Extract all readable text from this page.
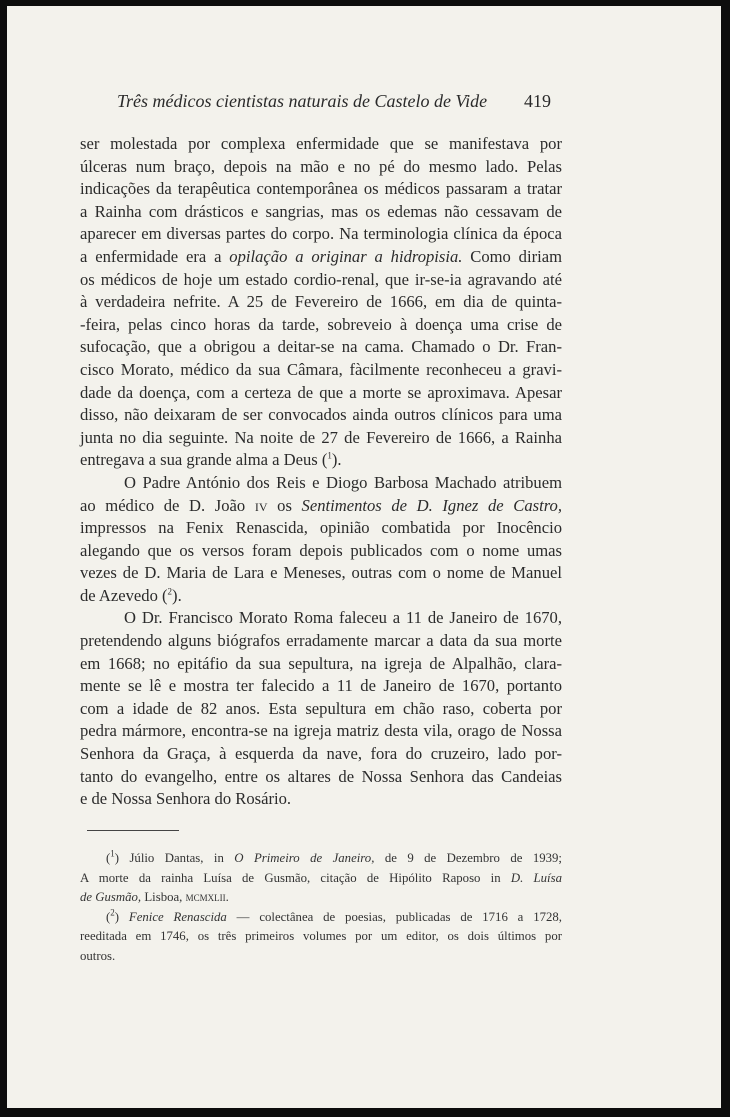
Três médicos cientistas naturais de Castelo de Vide 419

ser molestada por complexa enfermidade que se manifestava por

úlceras num braço, depois na mão e no pé do mesmo lado. Pelas

indicações da terapêutica contemporânea os médicos passaram a tratar

a Rainha com drásticos e sangrias, mas os edemas não cessavam de

aparecer em diversas partes do corpo. Na terminologia clínica da época

a enfermidade era a opilação a originar a hidropisia. Como diriam

os médicos de hoje um estado cordio-renal, que ir-se-ia agravando até

à verdadeira nefrite. A 25 de Fevereiro de 1666, em dia de quinta-

-feira, pelas cinco horas da tarde, sobreveio à doença uma crise de

sufocação, que a obrigou a deitar-se na cama. Chamado o Dr. Fran-

cisco Morato, médico da sua Câmara, fàcilmente reconheceu a gravi-

dade da doença, com a certeza de que a morte se aproximava. Apesar

disso, não deixaram de ser convocados ainda outros clínicos para uma

junta no dia seguinte. Na noite de 27 de Fevereiro de 1666, a Rainha

entregava a sua grande alma a Deus ($^1$).

O Padre António dos Reis e Diogo Barbosa Machado atribuem

ao médico de D. João iv os Sentimentos de D. Ignez de Castro,

impressos na Fenix Renascida, opinião combatida por Inocêncio

alegando que os versos foram depois publicados com o nome umas

vezes de D. Maria de Lara e Meneses, outras com o nome de Manuel

de Azevedo ($^2$).

O Dr. Francisco Morato Roma faleceu a 11 de Janeiro de 1670,

pretendendo alguns biógrafos erradamente marcar a data da sua morte

em 1668; no epitáfio da sua sepultura, na igreja de Alpalhão, clara-

mente se lê e mostra ter falecido a 11 de Janeiro de 1670, portanto

com a idade de 82 anos. Esta sepultura em chão raso, coberta por

pedra mármore, encontra-se na igreja matriz desta vila, orago de Nossa

Senhora da Graça, à esquerda da nave, fora do cruzeiro, lado por-

tanto do evangelho, entre os altares de Nossa Senhora das Candeias

e de Nossa Senhora do Rosário.

($^1$) Júlio Dantas, in O Primeiro de Janeiro, de 9 de Dezembro de 1939;

A morte da rainha Luísa de Gusmão, citação de Hipólito Raposo in D. Luísa

de Gusmão, Lisboa, mcmxlii.

($^2$) Fenice Renascida — colectânea de poesias, publicadas de 1716 a 1728,

reeditada em 1746, os três primeiros volumes por um editor, os dois últimos por

outros.
